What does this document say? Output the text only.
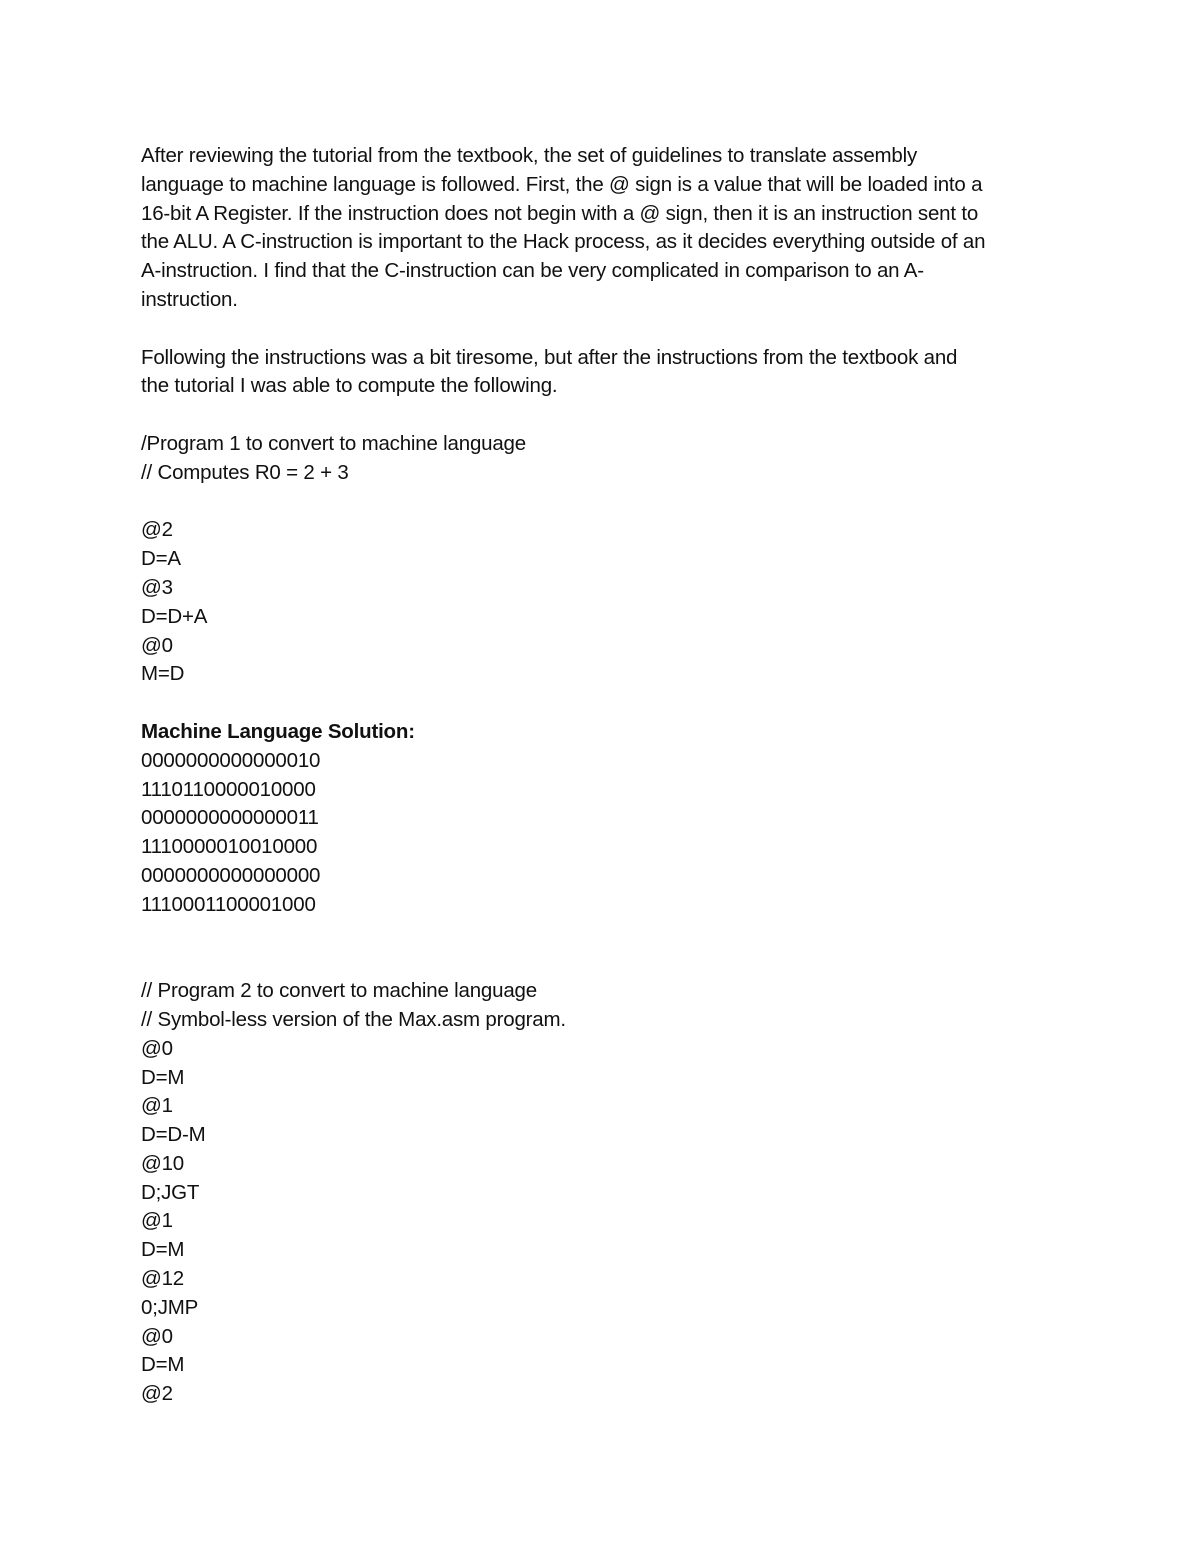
After reviewing the tutorial from the textbook, the set of guidelines to translate assembly
language to machine language is followed. First, the @ sign is a value that will be loaded into a
16-bit A Register. If the instruction does not begin with a @ sign, then it is an instruction sent to
the ALU. A C-instruction is important to the Hack process, as it decides everything outside of an
A-instruction. I find that the C-instruction can be very complicated in comparison to an A-
instruction.
Following the instructions was a bit tiresome, but after the instructions from the textbook and
the tutorial I was able to compute the following.
/Program 1 to convert to machine language
// Computes R0 = 2 + 3
@2
D=A
@3
D=D+A
@0
M=D
Machine Language Solution:
0000000000000010
1110110000010000
0000000000000011
1110000010010000
0000000000000000
1110001100001000
// Program 2 to convert to machine language
// Symbol-less version of the Max.asm program.
@0
D=M
@1
D=D-M
@10
D;JGT
@1
D=M
@12
0;JMP
@0
D=M
@2
